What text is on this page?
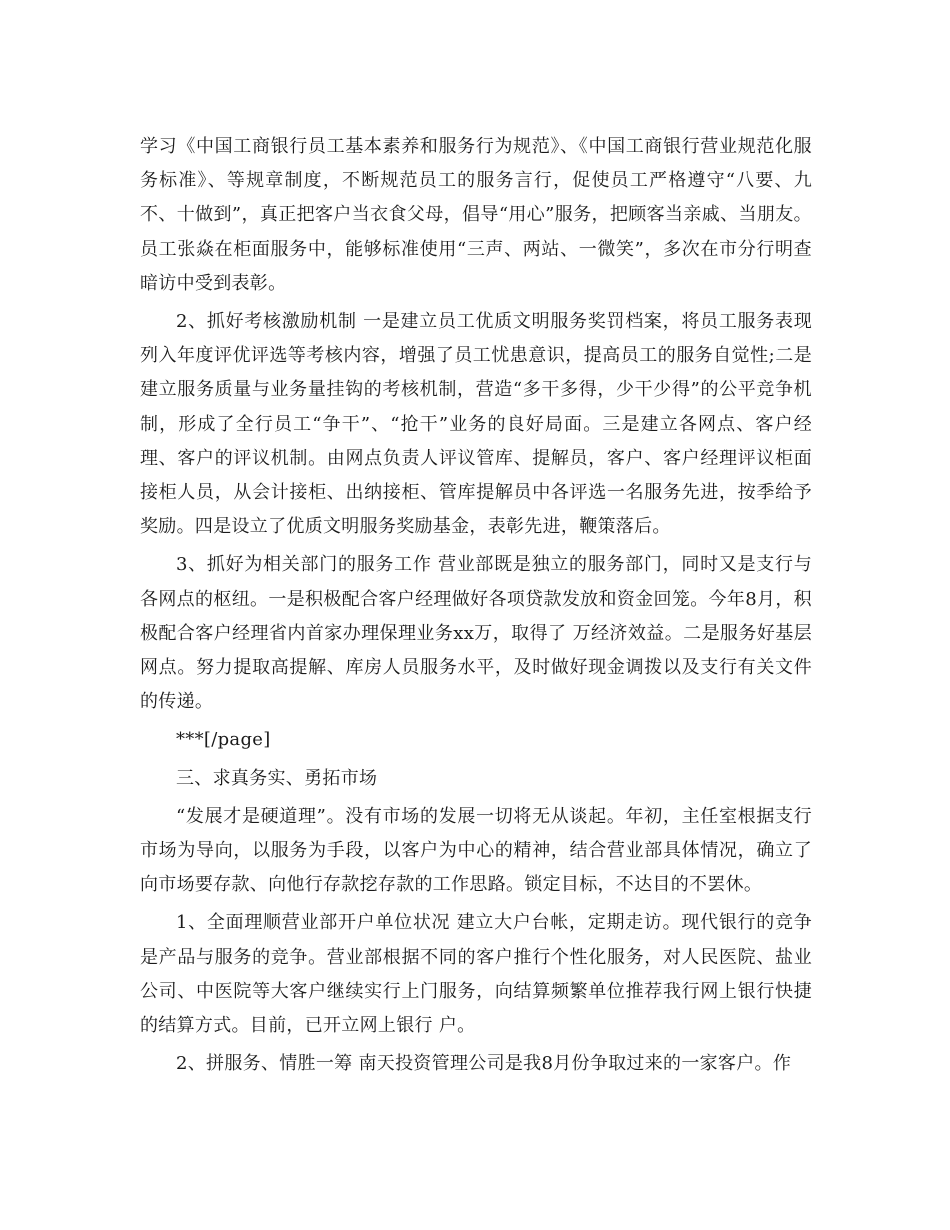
学习《中国工商银行员工基本素养和服务行为规范》、《中国工商银行营业规范化服务标准》、等规章制度，不断规范员工的服务言行，促使员工严格遵守“八要、九不、十做到”，真正把客户当衣食父母，倡导“用心”服务，把顾客当亲戚、当朋友。员工张焱在柜面服务中，能够标准使用“三声、两站、一微笑”，多次在市分行明查暗访中受到表彰。

2、抓好考核激励机制 一是建立员工优质文明服务奖罚档案，将员工服务表现列入年度评优评选等考核内容，增强了员工忧患意识，提高员工的服务自觉性;二是建立服务质量与业务量挂钩的考核机制，营造“多干多得，少干少得”的公平竞争机制，形成了全行员工“争干”、“抢干”业务的良好局面。三是建立各网点、客户经理、客户的评议机制。由网点负责人评议管库、提解员，客户、客户经理评议柜面接柜人员，从会计接柜、出纳接柜、管库提解员中各评选一名服务先进，按季给予奖励。四是设立了优质文明服务奖励基金，表彰先进，鞭策落后。

3、抓好为相关部门的服务工作 营业部既是独立的服务部门，同时又是支行与各网点的枢纽。一是积极配合客户经理做好各项贷款发放和资金回笼。今年8月，积极配合客户经理省内首家办理保理业务xx万，取得了 万经济效益。二是服务好基层网点。努力提取高提解、库房人员服务水平，及时做好现金调拨以及支行有关文件的传递。

***[/page]

三、求真务实、勇拓市场

“发展才是硬道理”。没有市场的发展一切将无从谈起。年初，主任室根据支行市场为导向，以服务为手段，以客户为中心的精神，结合营业部具体情况，确立了向市场要存款、向他行存款挖存款的工作思路。锁定目标，不达目的不罢休。

1、全面理顺营业部开户单位状况 建立大户台帐，定期走访。现代银行的竞争是产品与服务的竞争。营业部根据不同的客户推行个性化服务，对人民医院、盐业公司、中医院等大客户继续实行上门服务，向结算频繁单位推荐我行网上银行快捷的结算方式。目前，已开立网上银行 户。

2、拼服务、情胜一筹 南天投资管理公司是我8月份争取过来的一家客户。作
